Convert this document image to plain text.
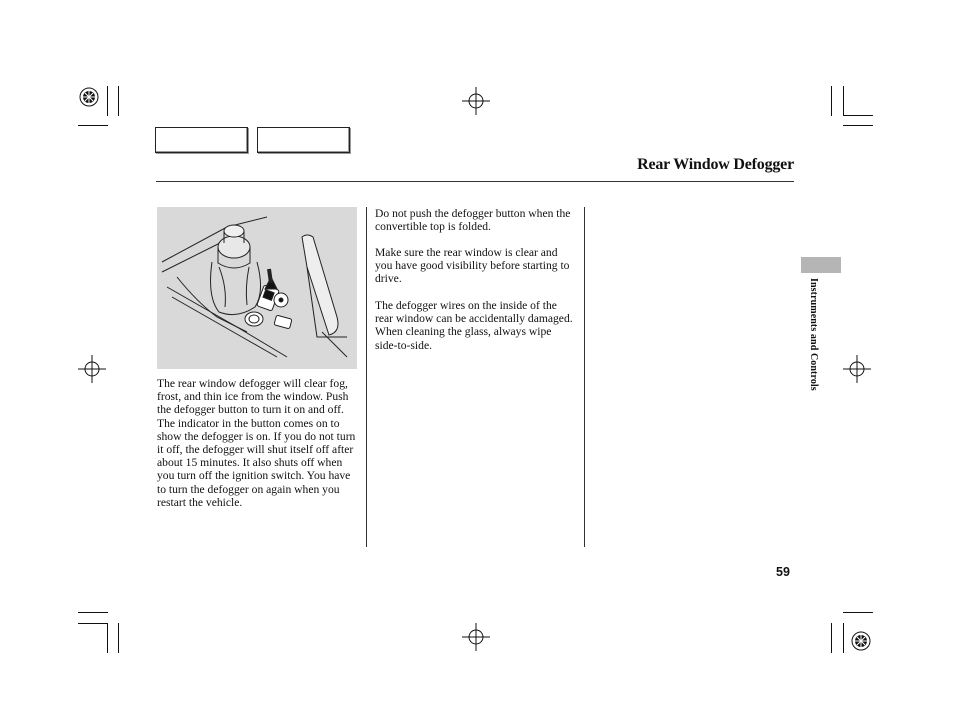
Rear Window Defogger

The rear window defogger will clear fog, frost, and thin ice from the window. Push the defogger button to turn it on and off. The indicator in the button comes on to show the defogger is on. If you do not turn it off, the defogger will shut itself off after about 15 minutes. It also shuts off when you turn off the ignition switch. You have to turn the defogger on again when you restart the vehicle.

Do not push the defogger button when the convertible top is folded.

Make sure the rear window is clear and you have good visibility before starting to drive.

The defogger wires on the inside of the rear window can be accidentally damaged. When cleaning the glass, always wipe side-to-side.	Instruments and Controls
59
